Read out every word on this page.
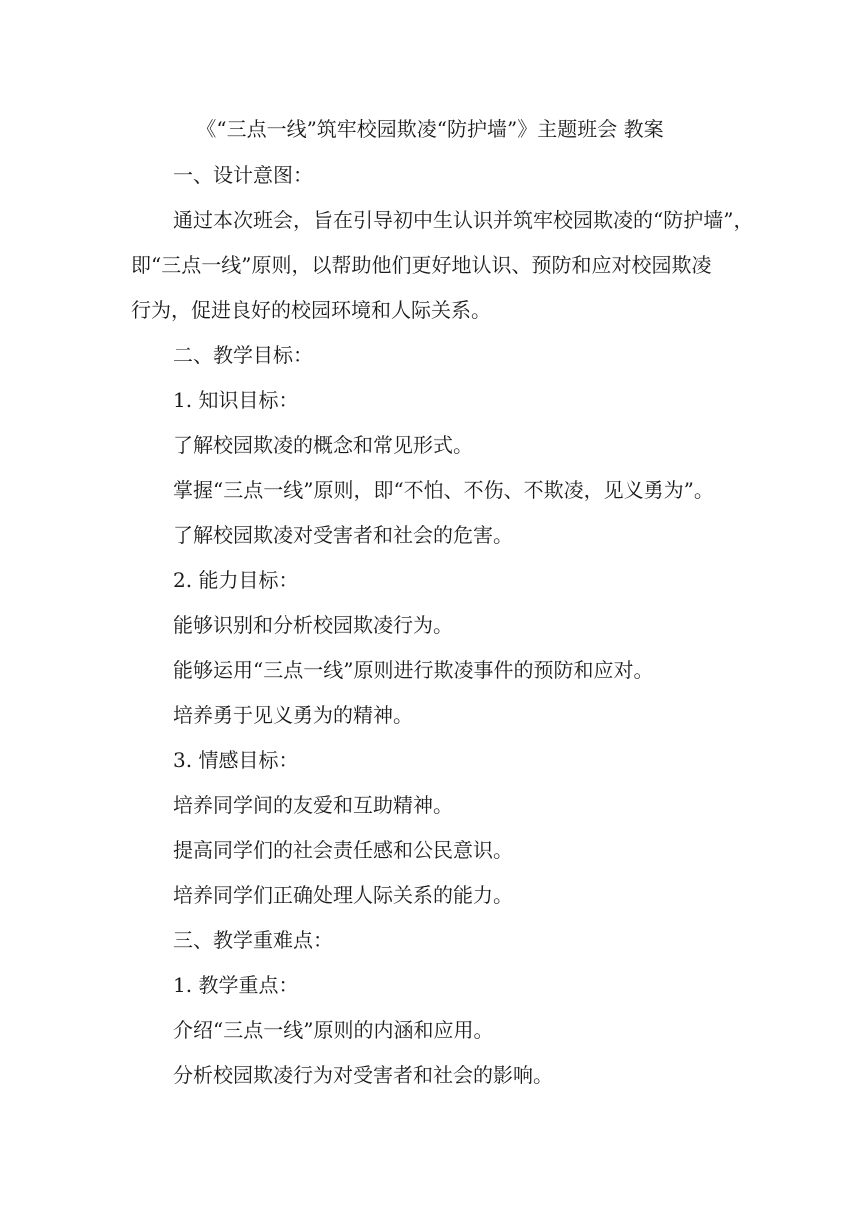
《“三点一线”筑牢校园欺凌“防护墙”》主题班会 教案

一、设计意图：

通过本次班会，旨在引导初中生认识并筑牢校园欺凌的“防护墙”，

即“三点一线”原则，以帮助他们更好地认识、预防和应对校园欺凌

行为，促进良好的校园环境和人际关系。

二、教学目标：

1. 知识目标：

了解校园欺凌的概念和常见形式。

掌握“三点一线”原则，即“不怕、不伤、不欺凌，见义勇为”。

了解校园欺凌对受害者和社会的危害。

2. 能力目标：

能够识别和分析校园欺凌行为。

能够运用“三点一线”原则进行欺凌事件的预防和应对。

培养勇于见义勇为的精神。

3. 情感目标：

培养同学间的友爱和互助精神。

提高同学们的社会责任感和公民意识。

培养同学们正确处理人际关系的能力。

三、教学重难点：

1. 教学重点：

介绍“三点一线”原则的内涵和应用。

分析校园欺凌行为对受害者和社会的影响。
